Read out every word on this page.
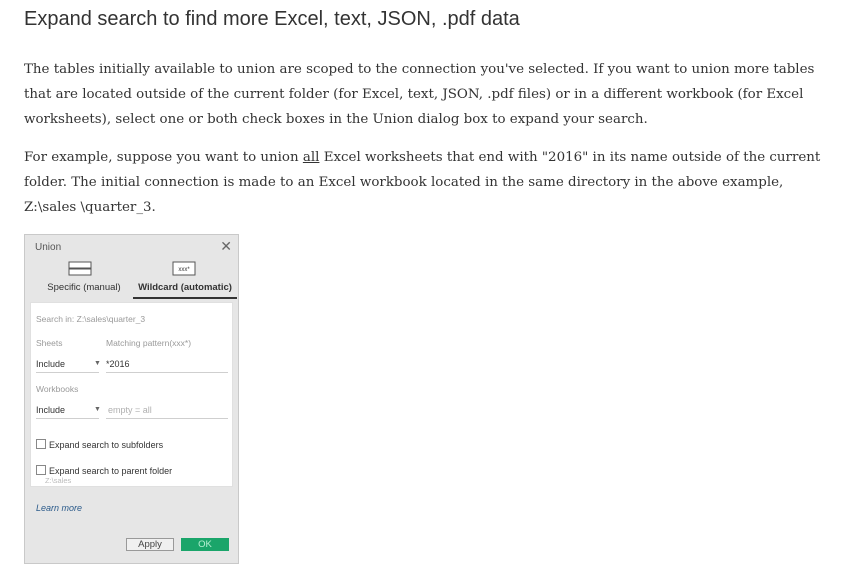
Expand search to find more Excel, text, JSON, .pdf data

The tables initially available to union are scoped to the connection you've selected. If you want to union more tables that are located outside of the current folder (for Excel, text, JSON, .pdf files) or in a different workbook (for Excel worksheets), select one or both check boxes in the Union dialog box to expand your search.

For example, suppose you want to union all Excel worksheets that end with "2016" in its name outside of the current folder. The initial connection is made to an Excel workbook located in the same directory in the above example, Z:\sales \quarter_3.

Union	✕
Specific (manual)
xxx*
Wildcard (automatic)
Search in: Z:\sales\quarter_3
Sheets	Matching pattern(xxx*)
Include	▼ *2016
Workbooks
Include	▼ empty = all
Expand search to subfolders
Expand search to parent folder
Z:\sales
Learn more
Apply	OK
